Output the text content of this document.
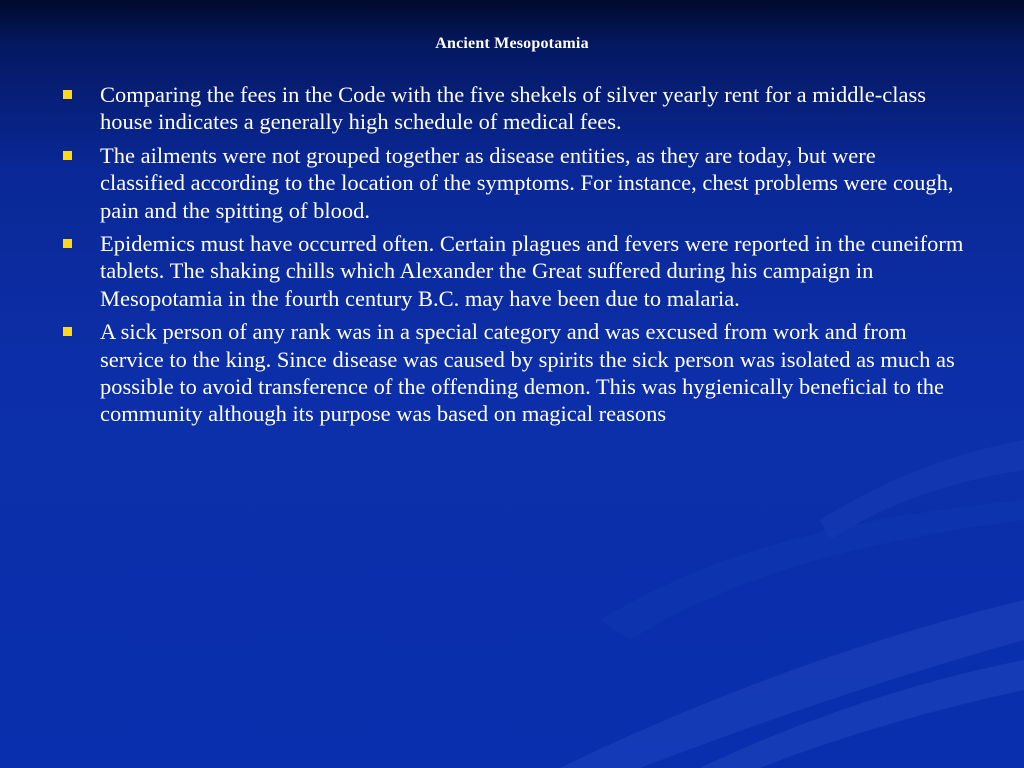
Ancient Mesopotamia
Comparing the fees in the Code with the five shekels of silver yearly rent for a middle-class house indicates a generally high schedule of medical fees.
The ailments were not grouped together as disease entities, as they are today, but were classified according to the location of the symptoms. For instance, chest problems were cough, pain and the spitting of blood.
Epidemics must have occurred often. Certain plagues and fevers were reported in the cuneiform tablets. The shaking chills which Alexander the Great suffered during his campaign in Mesopotamia in the fourth century B.C. may have been due to malaria.
A sick person of any rank was in a special category and was excused from work and from service to the king. Since disease was caused by spirits the sick person was isolated as much as possible to avoid transference of the offending demon. This was hygienically beneficial to the community although its purpose was based on magical reasons
